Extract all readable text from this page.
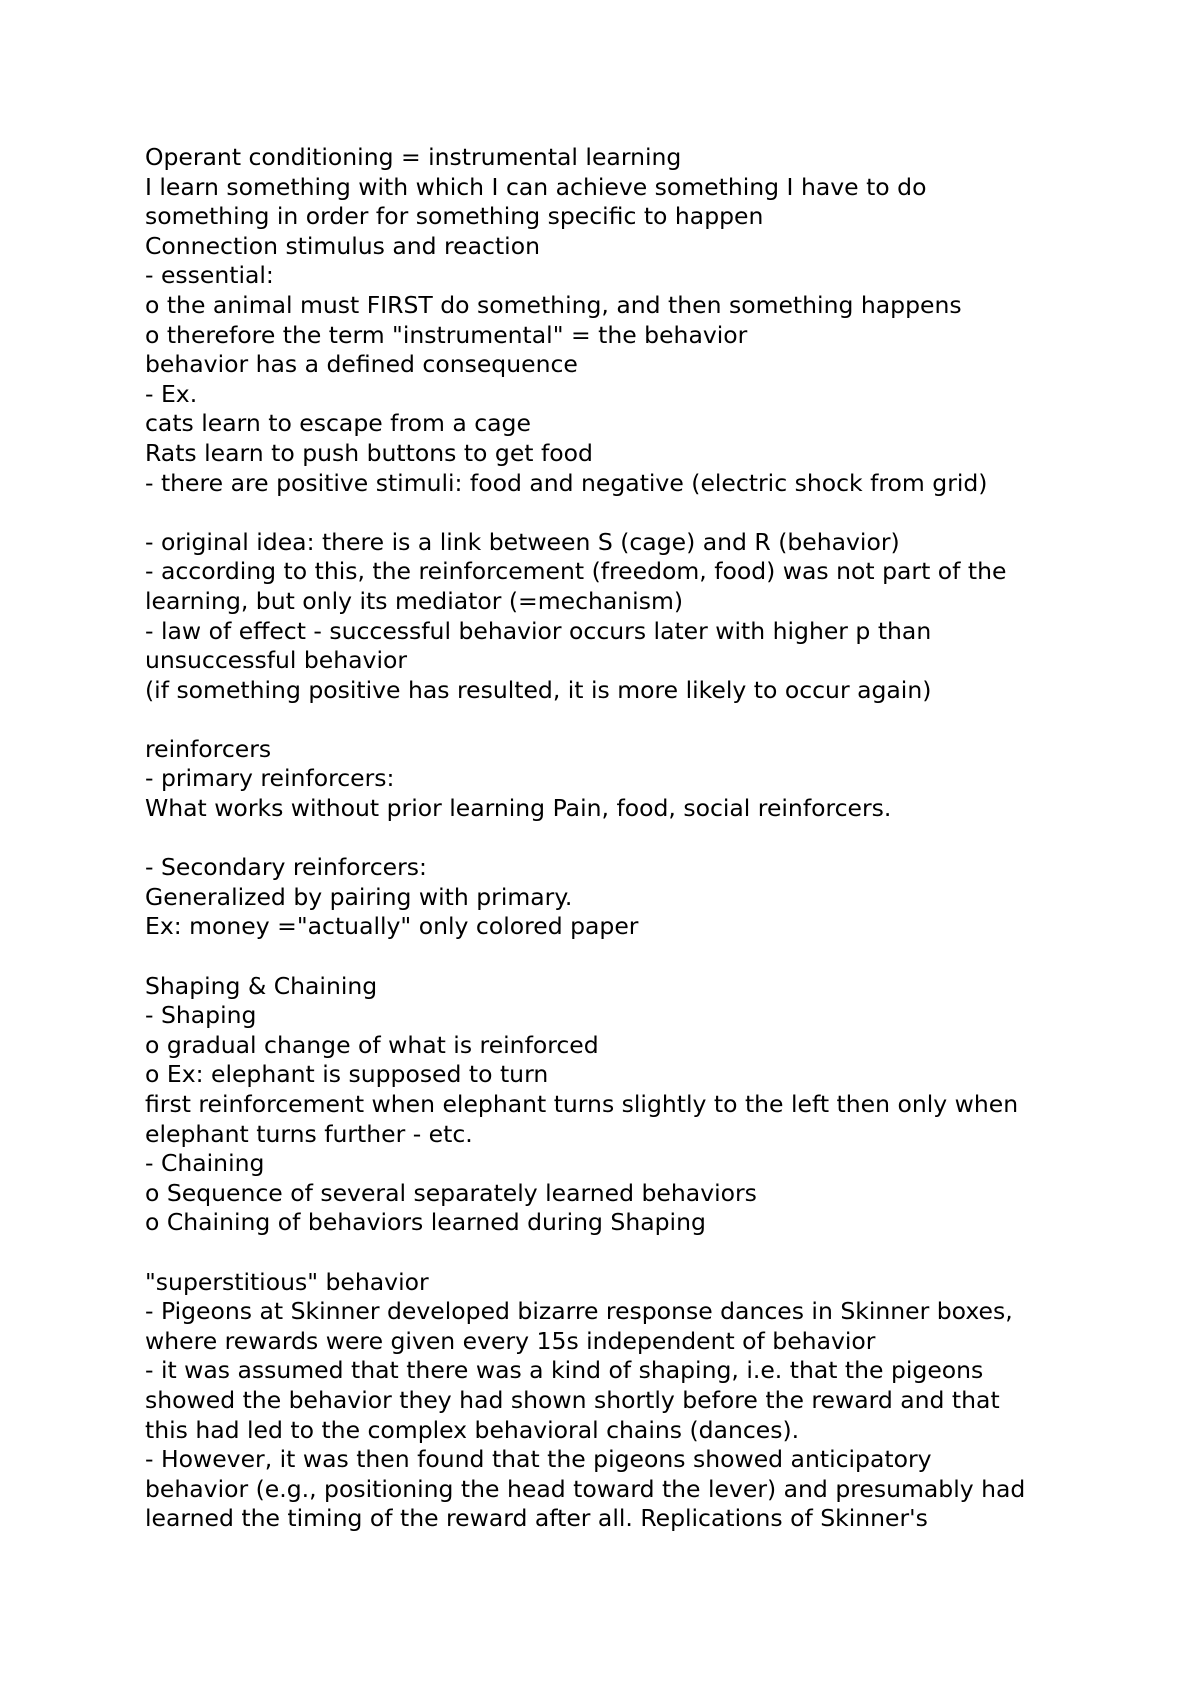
Operant conditioning = instrumental learning
I learn something with which I can achieve something I have to do
something in order for something specific to happen
Connection stimulus and reaction
- essential:
o the animal must FIRST do something, and then something happens
o therefore the term "instrumental" = the behavior
behavior has a defined consequence
- Ex.
cats learn to escape from a cage
Rats learn to push buttons to get food
- there are positive stimuli: food and negative (electric shock from grid)
- original idea: there is a link between S (cage) and R (behavior)
- according to this, the reinforcement (freedom, food) was not part of the
learning, but only its mediator (=mechanism)
- law of effect - successful behavior occurs later with higher p than
unsuccessful behavior
(if something positive has resulted, it is more likely to occur again)
reinforcers
- primary reinforcers:
What works without prior learning Pain, food, social reinforcers.
- Secondary reinforcers:
Generalized by pairing with primary.
Ex: money ="actually" only colored paper
Shaping & Chaining
- Shaping
o gradual change of what is reinforced
o Ex: elephant is supposed to turn
first reinforcement when elephant turns slightly to the left then only when
elephant turns further - etc.
- Chaining
o Sequence of several separately learned behaviors
o Chaining of behaviors learned during Shaping
"superstitious" behavior
- Pigeons at Skinner developed bizarre response dances in Skinner boxes,
where rewards were given every 15s independent of behavior
- it was assumed that there was a kind of shaping, i.e. that the pigeons
showed the behavior they had shown shortly before the reward and that
this had led to the complex behavioral chains (dances).
- However, it was then found that the pigeons showed anticipatory
behavior (e.g., positioning the head toward the lever) and presumably had
learned the timing of the reward after all. Replications of Skinner's
